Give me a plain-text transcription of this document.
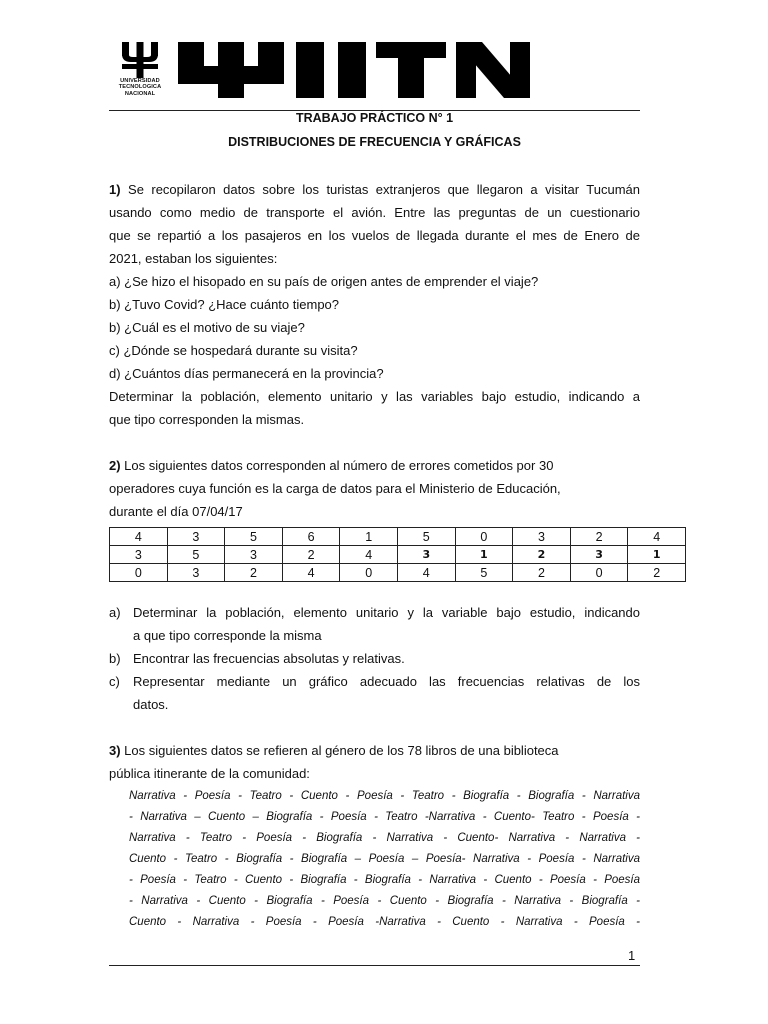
UNIVERSIDAD
TECNOLOGICA
NACIONAL
TRABAJO PRÁCTICO N° 1
DISTRIBUCIONES DE FRECUENCIA Y GRÁFICAS
1) Se recopilaron datos sobre los turistas extranjeros que llegaron a visitar Tucumán
usando como medio de transporte el avión. Entre las preguntas de un cuestionario
que se repartió a los pasajeros en los vuelos de llegada durante el mes de Enero de
2021, estaban los siguientes:
a) ¿Se hizo el hisopado en su país de origen antes de emprender el viaje?
b) ¿Tuvo Covid? ¿Hace cuánto tiempo?
b) ¿Cuál es el motivo de su viaje?
c) ¿Dónde se hospedará durante su visita?
d) ¿Cuántos días permanecerá en la provincia?
Determinar la población, elemento unitario y las variables bajo estudio, indicando a
que tipo corresponden la mismas.
2) Los siguientes datos corresponden al número de errores cometidos por 30
operadores cuya función es la carga de datos para el Ministerio de Educación,
durante el día 07/04/17
4	3	5	6	1	5	0	3	2	4
3	5	3	2	4	3	1	2	3	1
0	3	2	4	0	4	5	2	0	2
a) Determinar la población, elemento unitario y la variable bajo estudio, indicando
a que tipo corresponde la misma
b) Encontrar las frecuencias absolutas y relativas.
c) Representar mediante un gráfico adecuado las frecuencias relativas de los
datos.
3) Los siguientes datos se refieren al género de los 78 libros de una biblioteca
pública itinerante de la comunidad:
Narrativa - Poesía - Teatro - Cuento - Poesía - Teatro - Biografía - Biografía - Narrativa
- Narrativa – Cuento – Biografía - Poesía - Teatro -Narrativa - Cuento- Teatro - Poesía -
Narrativa - Teatro - Poesía - Biografía - Narrativa - Cuento- Narrativa - Narrativa -
Cuento - Teatro - Biografía - Biografía – Poesía – Poesía- Narrativa - Poesía - Narrativa
- Poesía - Teatro - Cuento - Biografía - Biografía - Narrativa - Cuento - Poesía - Poesía
- Narrativa - Cuento - Biografía - Poesía - Cuento - Biografía - Narrativa - Biografía -
Cuento - Narrativa - Poesía - Poesía -Narrativa - Cuento - Narrativa - Poesía -
1
